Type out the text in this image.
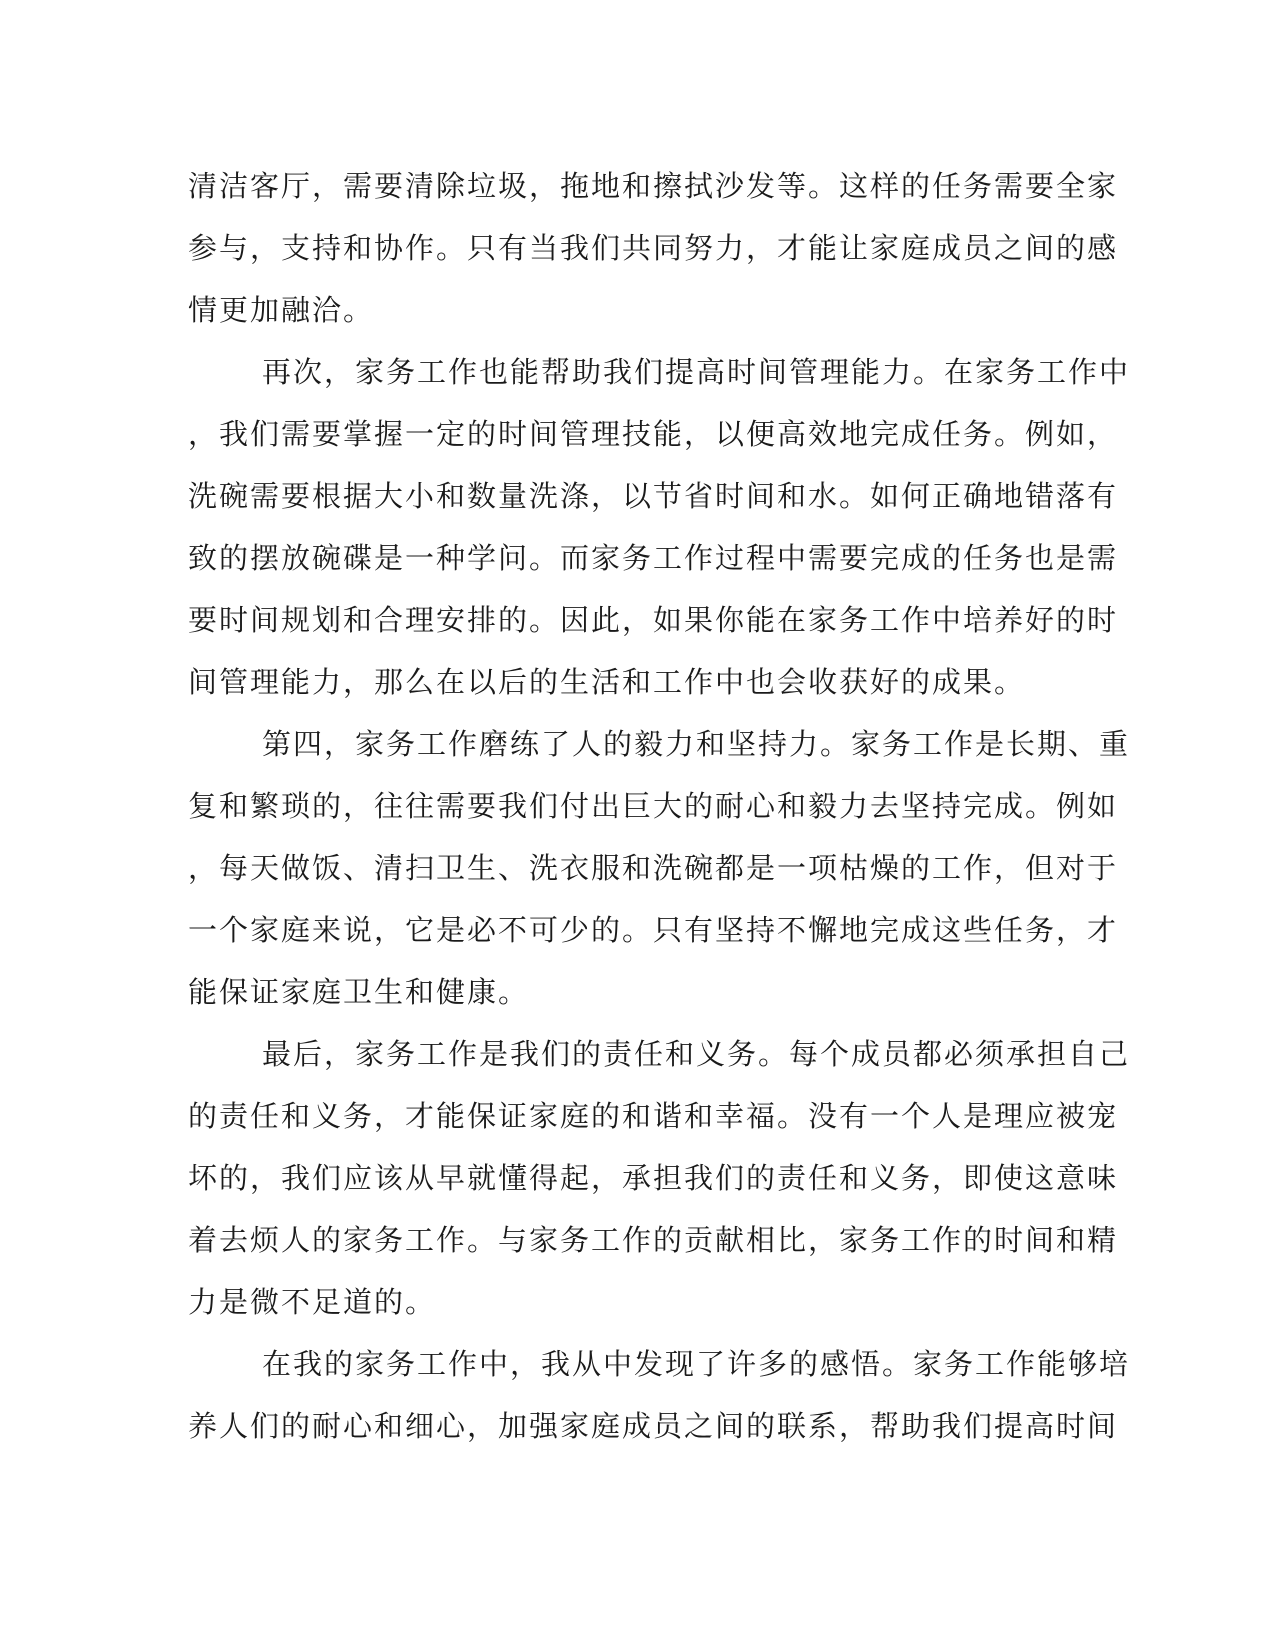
清洁客厅，需要清除垃圾，拖地和擦拭沙发等。这样的任务需要全家
参与，支持和协作。只有当我们共同努力，才能让家庭成员之间的感
情更加融洽。
再次，家务工作也能帮助我们提高时间管理能力。在家务工作中
，我们需要掌握一定的时间管理技能，以便高效地完成任务。例如，
洗碗需要根据大小和数量洗涤，以节省时间和水。如何正确地错落有
致的摆放碗碟是一种学问。而家务工作过程中需要完成的任务也是需
要时间规划和合理安排的。因此，如果你能在家务工作中培养好的时
间管理能力，那么在以后的生活和工作中也会收获好的成果。
第四，家务工作磨练了人的毅力和坚持力。家务工作是长期、重
复和繁琐的，往往需要我们付出巨大的耐心和毅力去坚持完成。例如
，每天做饭、清扫卫生、洗衣服和洗碗都是一项枯燥的工作，但对于
一个家庭来说，它是必不可少的。只有坚持不懈地完成这些任务，才
能保证家庭卫生和健康。
最后，家务工作是我们的责任和义务。每个成员都必须承担自己
的责任和义务，才能保证家庭的和谐和幸福。没有一个人是理应被宠
坏的，我们应该从早就懂得起，承担我们的责任和义务，即使这意味
着去烦人的家务工作。与家务工作的贡献相比，家务工作的时间和精
力是微不足道的。
在我的家务工作中，我从中发现了许多的感悟。家务工作能够培
养人们的耐心和细心，加强家庭成员之间的联系，帮助我们提高时间
